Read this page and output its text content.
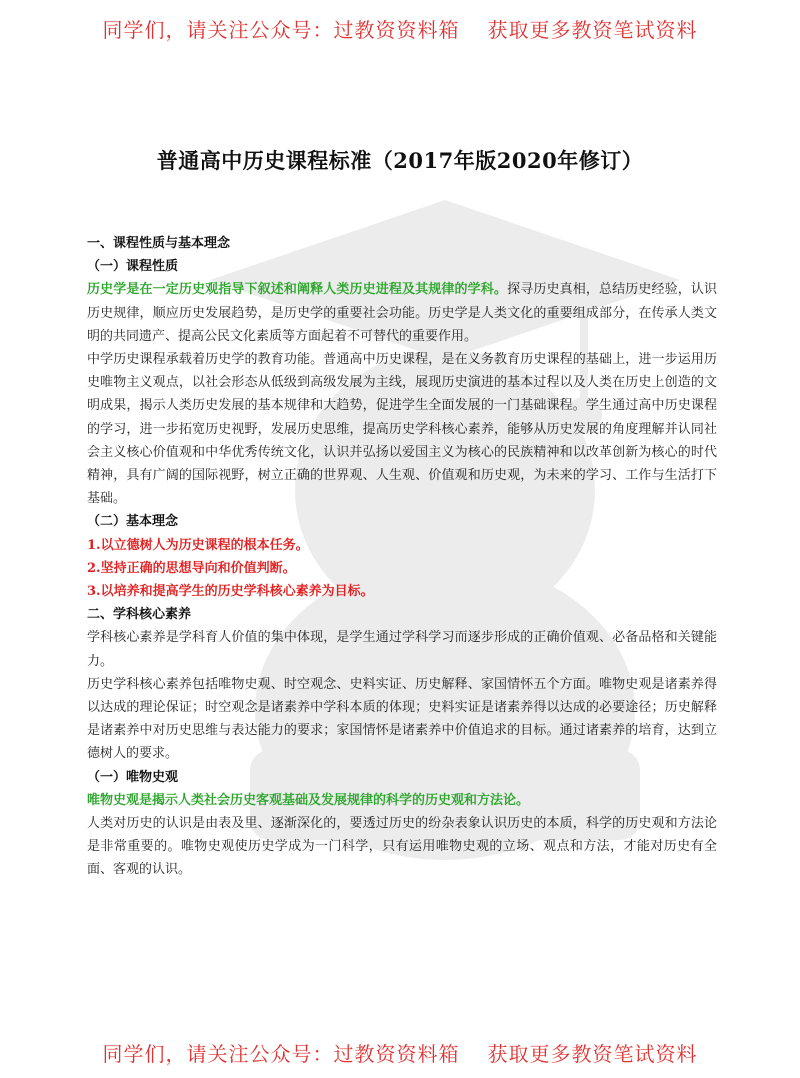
同学们，请关注公众号：过教资资料箱 获取更多教资笔试资料
普通高中历史课程标准（2017年版2020年修订）

一、课程性质与基本理念

（一）课程性质

历史学是在一定历史观指导下叙述和阐释人类历史进程及其规律的学科。探寻历史真相，总结历史经验，认识历史规律，顺应历史发展趋势，是历史学的重要社会功能。历史学是人类文化的重要组成部分，在传承人类文明的共同遗产、提高公民文化素质等方面起着不可替代的重要作用。

中学历史课程承载着历史学的教育功能。普通高中历史课程，是在义务教育历史课程的基础上，进一步运用历史唯物主义观点，以社会形态从低级到高级发展为主线，展现历史演进的基本过程以及人类在历史上创造的文明成果，揭示人类历史发展的基本规律和大趋势，促进学生全面发展的一门基础课程。学生通过高中历史课程的学习，进一步拓宽历史视野，发展历史思维，提高历史学科核心素养，能够从历史发展的角度理解并认同社会主义核心价值观和中华优秀传统文化，认识并弘扬以爱国主义为核心的民族精神和以改革创新为核心的时代精神，具有广阔的国际视野，树立正确的世界观、人生观、价值观和历史观，为未来的学习、工作与生活打下基础。

（二）基本理念

1.以立德树人为历史课程的根本任务。

2.坚持正确的思想导向和价值判断。

3.以培养和提高学生的历史学科核心素养为目标。

二、学科核心素养

学科核心素养是学科育人价值的集中体现，是学生通过学科学习而逐步形成的正确价值观、必备品格和关键能力。

历史学科核心素养包括唯物史观、时空观念、史料实证、历史解释、家国情怀五个方面。唯物史观是诸素养得以达成的理论保证；时空观念是诸素养中学科本质的体现；史料实证是诸素养得以达成的必要途径；历史解释是诸素养中对历史思维与表达能力的要求；家国情怀是诸素养中价值追求的目标。通过诸素养的培育，达到立德树人的要求。

（一）唯物史观

唯物史观是揭示人类社会历史客观基础及发展规律的科学的历史观和方法论。

人类对历史的认识是由表及里、逐渐深化的，要透过历史的纷杂表象认识历史的本质，科学的历史观和方法论是非常重要的。唯物史观使历史学成为一门科学，只有运用唯物史观的立场、观点和方法，才能对历史有全面、客观的认识。

同学们，请关注公众号：过教资资料箱 获取更多教资笔试资料
